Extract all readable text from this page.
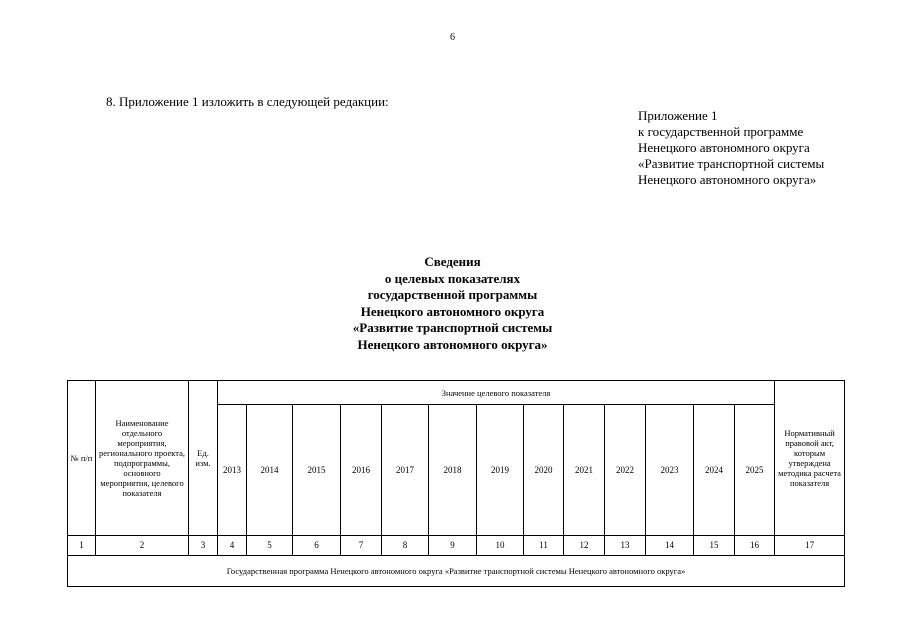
6
8. Приложение 1 изложить в следующей редакции:
Приложение 1
к государственной программе
Ненецкого автономного округа
«Развитие транспортной системы
Ненецкого автономного округа»
Сведения
о целевых показателях
государственной программы
Ненецкого автономного округа
«Развитие транспортной системы
Ненецкого автономного округа»
№ п/п	Наименование отдельного мероприятия, регионального проекта, подпрограммы, основного мероприятия, целевого показателя	Ед. изм.	Значение целевого показателя													Нормативный правовой акт, которым утверждена методика расчета показателя
			2013	2014	2015	2016	2017	2018	2019	2020	2021	2022	2023	2024	2025	
1	2	3	4	5	6	7	8	9	10	11	12	13	14	15	16	17
Государственная программа Ненецкого автономного округа «Развитие транспортной системы Ненецкого автономного округа»																
